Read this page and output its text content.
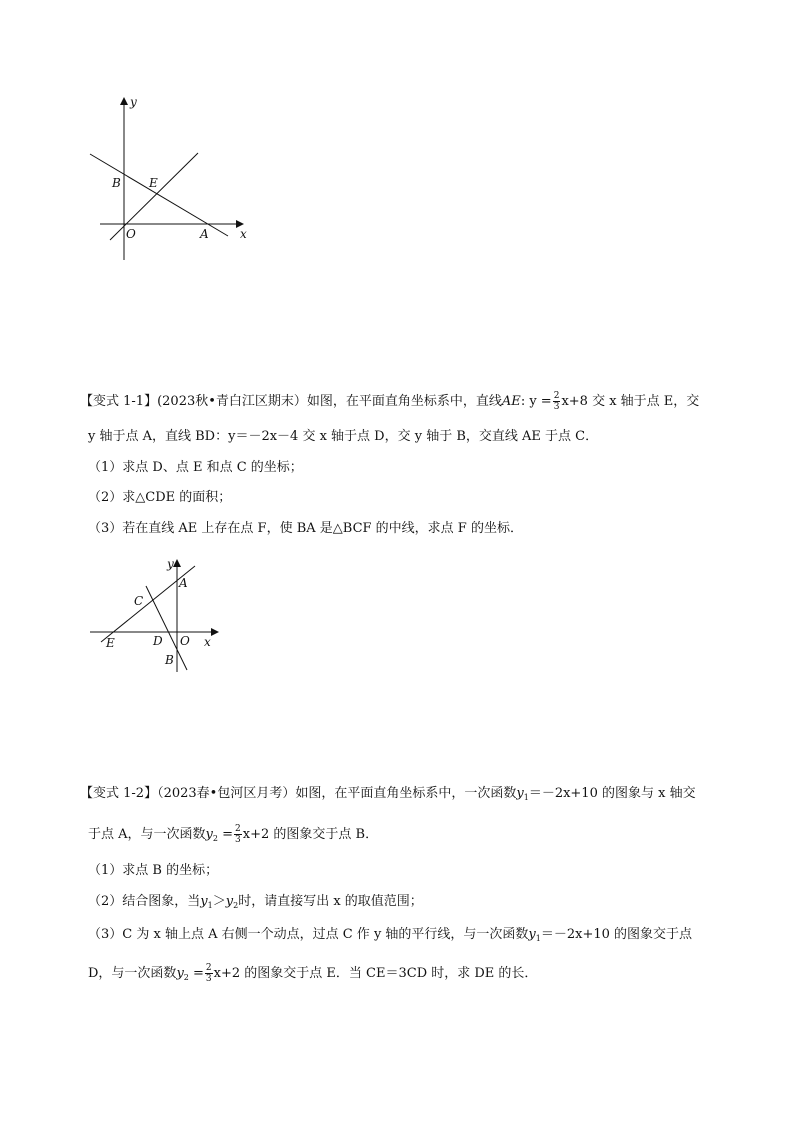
y
x
B E
O	A
【变式 1-1】(2023秋•青白江区期末）如图，在平面直角坐标系中，直线AE: $y = \frac{2}{3} x+8$ 交 x 轴于点 E，交
y 轴于点 A，直线 BD：y＝－2x－4 交 x 轴于点 D，交 y 轴于 B，交直线 AE 于点 C．
（1）求点 D、点 E 和点 C 的坐标；
（2）求△CDE 的面积；
（3）若在直线 AE 上存在点 F，使 BA 是△BCF 的中线，求点 F 的坐标．
y
A
C
E	D O x
B
【变式 1-2】（2023春•包河区月考）如图，在平面直角坐标系中，一次函数$y_1=-2x+10$ 的图象与 x 轴交
于点 A，与一次函数$y_2 = \frac{2}{3} x+2$ 的图象交于点 B．
（1）求点 B 的坐标；
（2）结合图象，当$y_1>y_2$时，请直接写出 x 的取值范围；
（3）C 为 x 轴上点 A 右侧一个动点，过点 C 作 y 轴的平行线，与一次函数$y_1=-2x+10$ 的图象交于点
D，与一次函数$y_2 = \frac{2}{3} x+2$ 的图象交于点 E．当 CE＝3CD 时，求 DE 的长．
